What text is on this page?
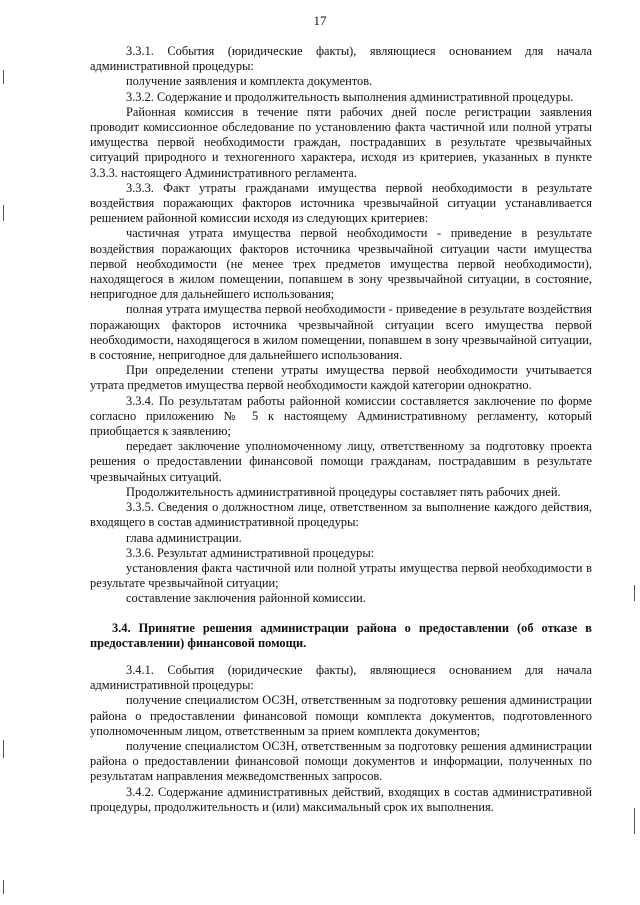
17

3.3.1. События (юридические факты), являющиеся основанием для начала административной процедуры:

получение заявления и комплекта документов.

3.3.2. Содержание и продолжительность выполнения административной процедуры.

Районная комиссия в течение пяти рабочих дней после регистрации заявления проводит комиссионное обследование по установлению факта частичной или полной утраты имущества первой необходимости граждан, пострадавших в результате чрезвычайных ситуаций природного и техногенного характера, исходя из критериев, указанных в пункте 3.3.3. настоящего Административного регламента.

3.3.3. Факт утраты гражданами имущества первой необходимости в результате воздействия поражающих факторов источника чрезвычайной ситуации устанавливается решением районной комиссии исходя из следующих критериев:

частичная утрата имущества первой необходимости - приведение в результате воздействия поражающих факторов источника чрезвычайной ситуации части имущества первой необходимости (не менее трех предметов имущества первой необходимости), находящегося в жилом помещении, попавшем в зону чрезвычайной ситуации, в состояние, непригодное для дальнейшего использования;

полная утрата имущества первой необходимости - приведение в результате воздействия поражающих факторов источника чрезвычайной ситуации всего имущества первой необходимости, находящегося в жилом помещении, попавшем в зону чрезвычайной ситуации, в состояние, непригодное для дальнейшего использования.

При определении степени утраты имущества первой необходимости учитывается утрата предметов имущества первой необходимости каждой категории однократно.

3.3.4. По результатам работы районной комиссии составляется заключение по форме согласно приложению № 5 к настоящему Административному регламенту, который приобщается к заявлению;

передает заключение уполномоченному лицу, ответственному за подготовку проекта решения о предоставлении финансовой помощи гражданам, пострадавшим в результате чрезвычайных ситуаций.

Продолжительность административной процедуры составляет пять рабочих дней.

3.3.5. Сведения о должностном лице, ответственном за выполнение каждого действия, входящего в состав административной процедуры:

глава администрации.

3.3.6. Результат административной процедуры:

установления факта частичной или полной утраты имущества первой необходимости в результате чрезвычайной ситуации;

составление заключения районной комиссии.

3.4. Принятие решения администрации района о предоставлении (об отказе в предоставлении) финансовой помощи.

3.4.1. События (юридические факты), являющиеся основанием для начала административной процедуры:

получение специалистом ОСЗН, ответственным за подготовку решения администрации района о предоставлении финансовой помощи комплекта документов, подготовленного уполномоченным лицом, ответственным за прием комплекта документов;

получение специалистом ОСЗН, ответственным за подготовку решения администрации района о предоставлении финансовой помощи документов и информации, полученных по результатам направления межведомственных запросов.

3.4.2. Содержание административных действий, входящих в состав административной процедуры, продолжительность и (или) максимальный срок их выполнения.
